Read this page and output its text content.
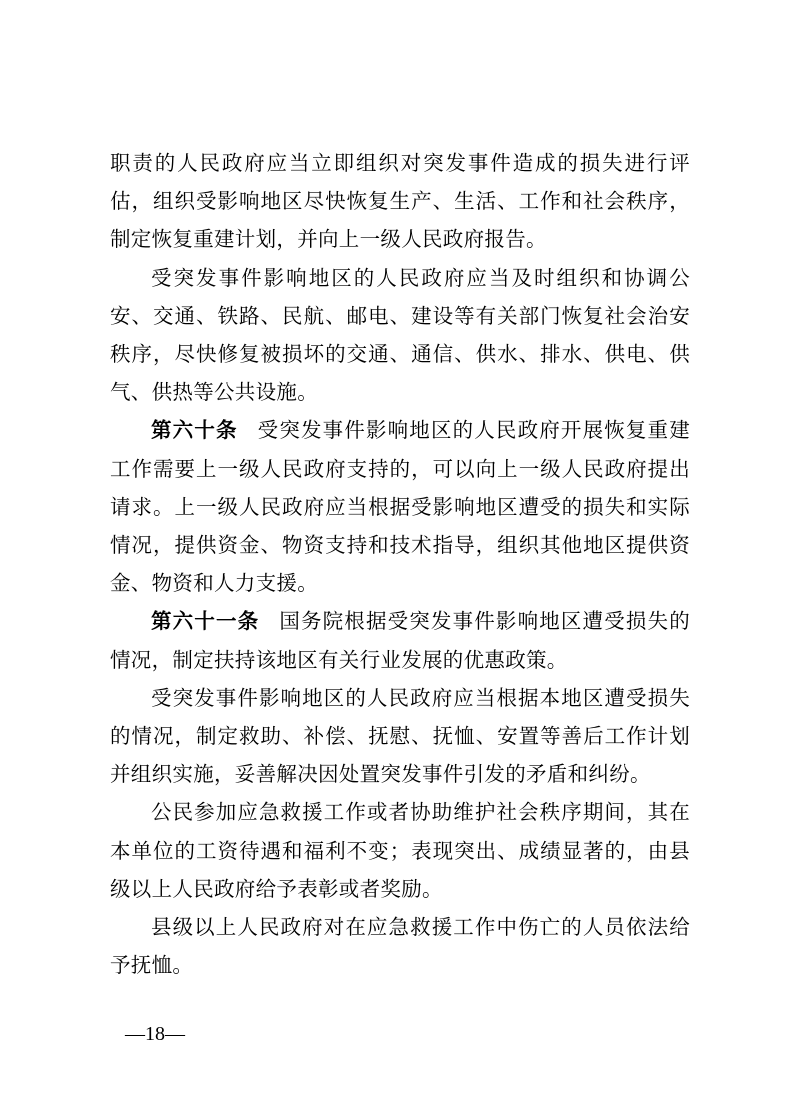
职责的人民政府应当立即组织对突发事件造成的损失进行评估，组织受影响地区尽快恢复生产、生活、工作和社会秩序，制定恢复重建计划，并向上一级人民政府报告。

受突发事件影响地区的人民政府应当及时组织和协调公安、交通、铁路、民航、邮电、建设等有关部门恢复社会治安秩序，尽快修复被损坏的交通、通信、供水、排水、供电、供气、供热等公共设施。

第六十条 受突发事件影响地区的人民政府开展恢复重建工作需要上一级人民政府支持的，可以向上一级人民政府提出请求。上一级人民政府应当根据受影响地区遭受的损失和实际情况，提供资金、物资支持和技术指导，组织其他地区提供资金、物资和人力支援。

第六十一条 国务院根据受突发事件影响地区遭受损失的情况，制定扶持该地区有关行业发展的优惠政策。

受突发事件影响地区的人民政府应当根据本地区遭受损失的情况，制定救助、补偿、抚慰、抚恤、安置等善后工作计划并组织实施，妥善解决因处置突发事件引发的矛盾和纠纷。

公民参加应急救援工作或者协助维护社会秩序期间，其在本单位的工资待遇和福利不变；表现突出、成绩显著的，由县级以上人民政府给予表彰或者奖励。

县级以上人民政府对在应急救援工作中伤亡的人员依法给予抚恤。

—18—
